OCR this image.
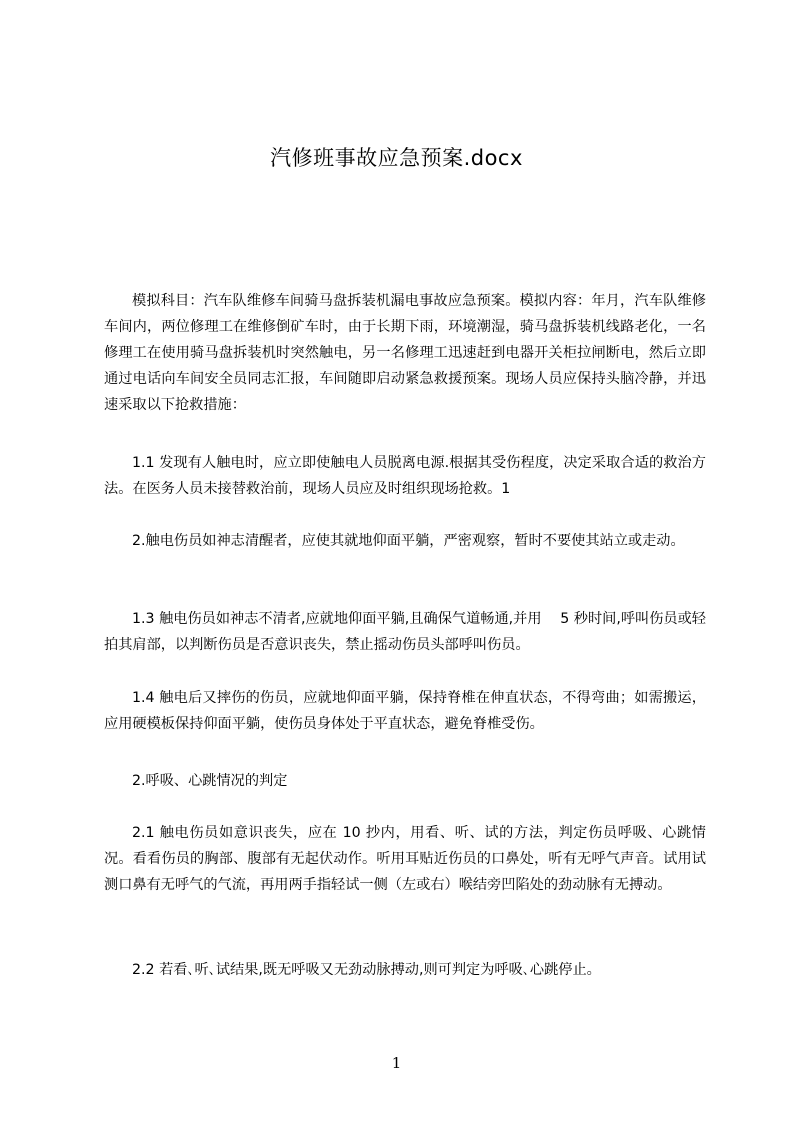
汽修班事故应急预案.docx
模拟科目：汽车队维修车间骑马盘拆装机漏电事故应急预案。模拟内容：年月，汽车队维修车间内，两位修理工在维修倒矿车时，由于长期下雨，环境潮湿，骑马盘拆装机线路老化，一名修理工在使用骑马盘拆装机时突然触电，另一名修理工迅速赶到电器开关柜拉闸断电，然后立即通过电话向车间安全员同志汇报，车间随即启动紧急救援预案。现场人员应保持头脑冷静，并迅速采取以下抢救措施：
1.1 发现有人触电时，应立即使触电人员脱离电源.根据其受伤程度，决定采取合适的救治方法。在医务人员未接替救治前，现场人员应及时组织现场抢救。1
2.触电伤员如神志清醒者，应使其就地仰面平躺，严密观察，暂时不要使其站立或走动。
1.3 触电伤员如神志不清者,应就地仰面平躺,且确保气道畅通,并用　 5 秒时间,呼叫伤员或轻拍其肩部，以判断伤员是否意识丧失，禁止摇动伤员头部呼叫伤员。
1.4 触电后又摔伤的伤员，应就地仰面平躺，保持脊椎在伸直状态，不得弯曲；如需搬运，应用硬模板保持仰面平躺，使伤员身体处于平直状态，避免脊椎受伤。
2.呼吸、心跳情况的判定
2.1 触电伤员如意识丧失，应在 10 抄内，用看、听、试的方法，判定伤员呼吸、心跳情况。看看伤员的胸部、腹部有无起伏动作。听用耳贴近伤员的口鼻处，听有无呼气声音。试用试测口鼻有无呼气的气流，再用两手指轻试一侧（左或右）喉结旁凹陷处的劲动脉有无搏动。
2.2 若看､听､试结果,既无呼吸又无劲动脉搏动,则可判定为呼吸､心跳停止。
1
